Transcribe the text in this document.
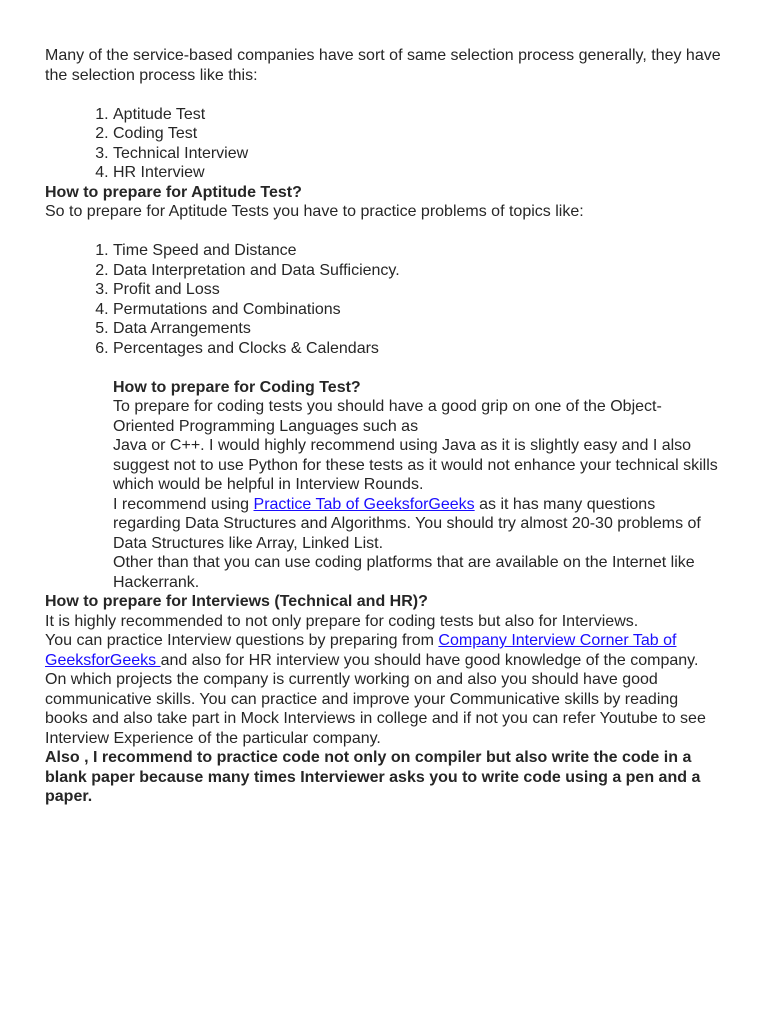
Many of the service-based companies have sort of same selection process generally, they have the selection process like this:

1. Aptitude Test
2. Coding Test
3. Technical Interview
4. HR Interview

How to prepare for Aptitude Test?

So to prepare for Aptitude Tests you have to practice problems of topics like:

1. Time Speed and Distance
2. Data Interpretation and Data Sufficiency.
3. Profit and Loss
4. Permutations and Combinations
5. Data Arrangements
6. Percentages and Clocks & Calendars

How to prepare for Coding Test?

To prepare for coding tests you should have a good grip on one of the Object-Oriented Programming Languages such as

Java or C++. I would highly recommend using Java as it is slightly easy and I also suggest not to use Python for these tests as it would not enhance your technical skills which would be helpful in Interview Rounds.

I recommend using Practice Tab of GeeksforGeeks as it has many questions regarding Data Structures and Algorithms. You should try almost 20-30 problems of Data Structures like Array, Linked List.

Other than that you can use coding platforms that are available on the Internet like Hackerrank.

How to prepare for Interviews (Technical and HR)?

It is highly recommended to not only prepare for coding tests but also for Interviews.

You can practice Interview questions by preparing from Company Interview Corner Tab of GeeksforGeeks and also for HR interview you should have good knowledge of the company. On which projects the company is currently working on and also you should have good communicative skills. You can practice and improve your Communicative skills by reading books and also take part in Mock Interviews in college and if not you can refer Youtube to see Interview Experience of the particular company.

Also , I recommend to practice code not only on compiler but also write the code in a blank paper because many times Interviewer asks you to write code using a pen and a paper.
